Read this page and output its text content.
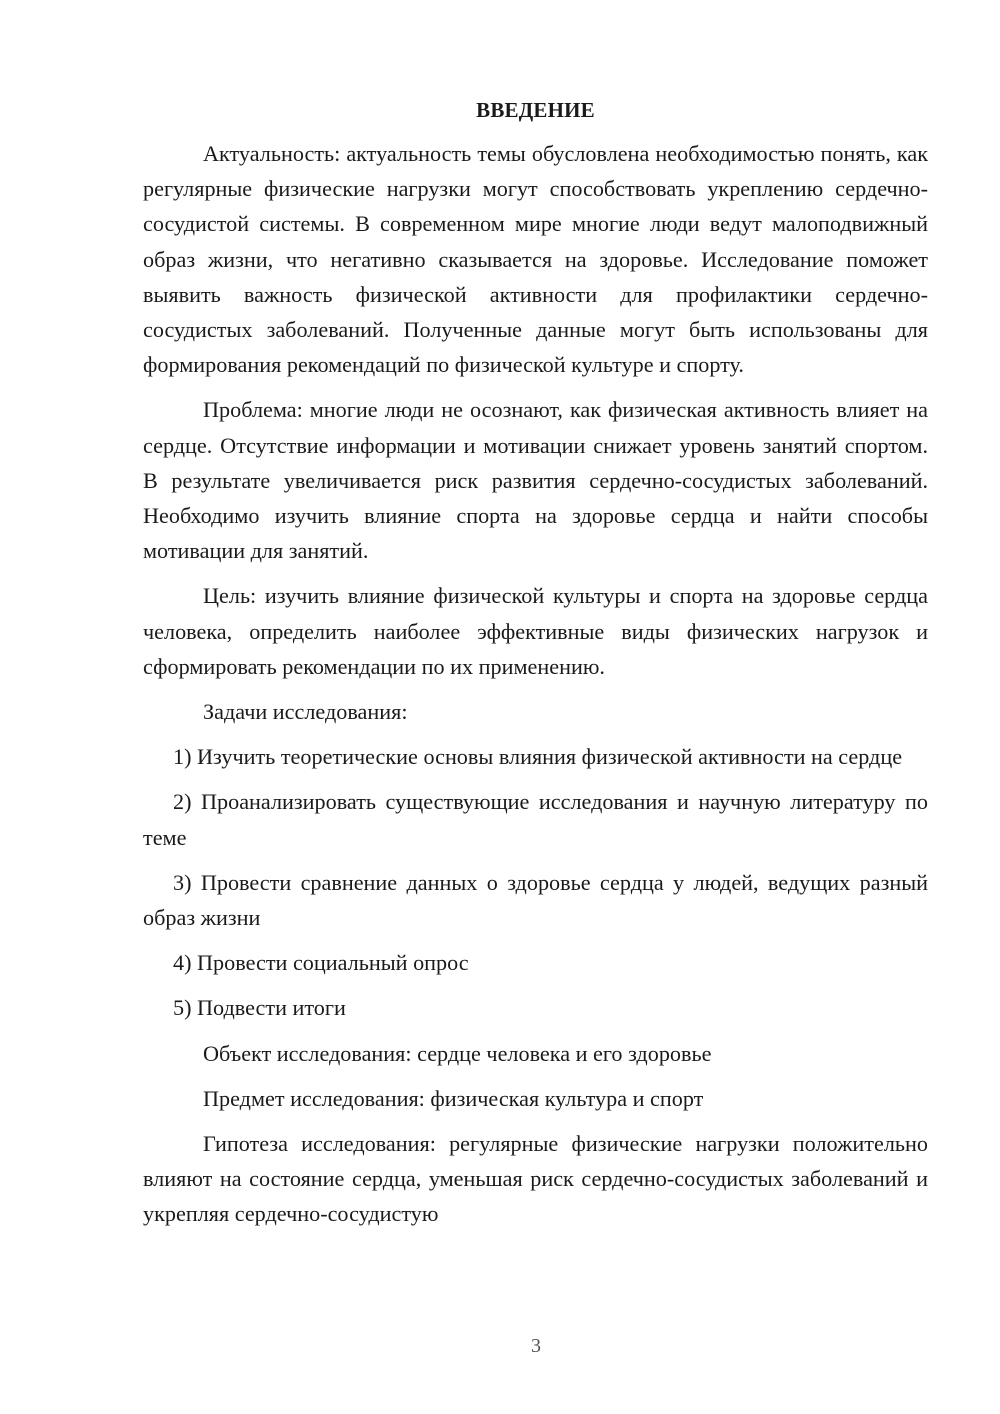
ВВЕДЕНИЕ

Актуальность: актуальность темы обусловлена необходимостью понять, как регулярные физические нагрузки могут способствовать укреплению сердечно-сосудистой системы. В современном мире многие люди ведут малоподвижный образ жизни, что негативно сказывается на здоровье. Исследование поможет выявить важность физической активности для профилактики сердечно-сосудистых заболеваний. Полученные данные могут быть использованы для формирования рекомендаций по физической культуре и спорту.

Проблема: многие люди не осознают, как физическая активность влияет на сердце. Отсутствие информации и мотивации снижает уровень занятий спортом. В результате увеличивается риск развития сердечно-сосудистых заболеваний. Необходимо изучить влияние спорта на здоровье сердца и найти способы мотивации для занятий.

Цель: изучить влияние физической культуры и спорта на здоровье сердца человека, определить наиболее эффективные виды физических нагрузок и сформировать рекомендации по их применению.

Задачи исследования:

1) Изучить теоретические основы влияния физической активности на сердце

2) Проанализировать существующие исследования и научную литературу по теме

3) Провести сравнение данных о здоровье сердца у людей, ведущих разный образ жизни

4) Провести социальный опрос

5) Подвести итоги

Объект исследования: сердце человека и его здоровье

Предмет исследования: физическая культура и спорт

Гипотеза исследования: регулярные физические нагрузки положительно влияют на состояние сердца, уменьшая риск сердечно-сосудистых заболеваний и укрепляя сердечно-сосудистую

3
